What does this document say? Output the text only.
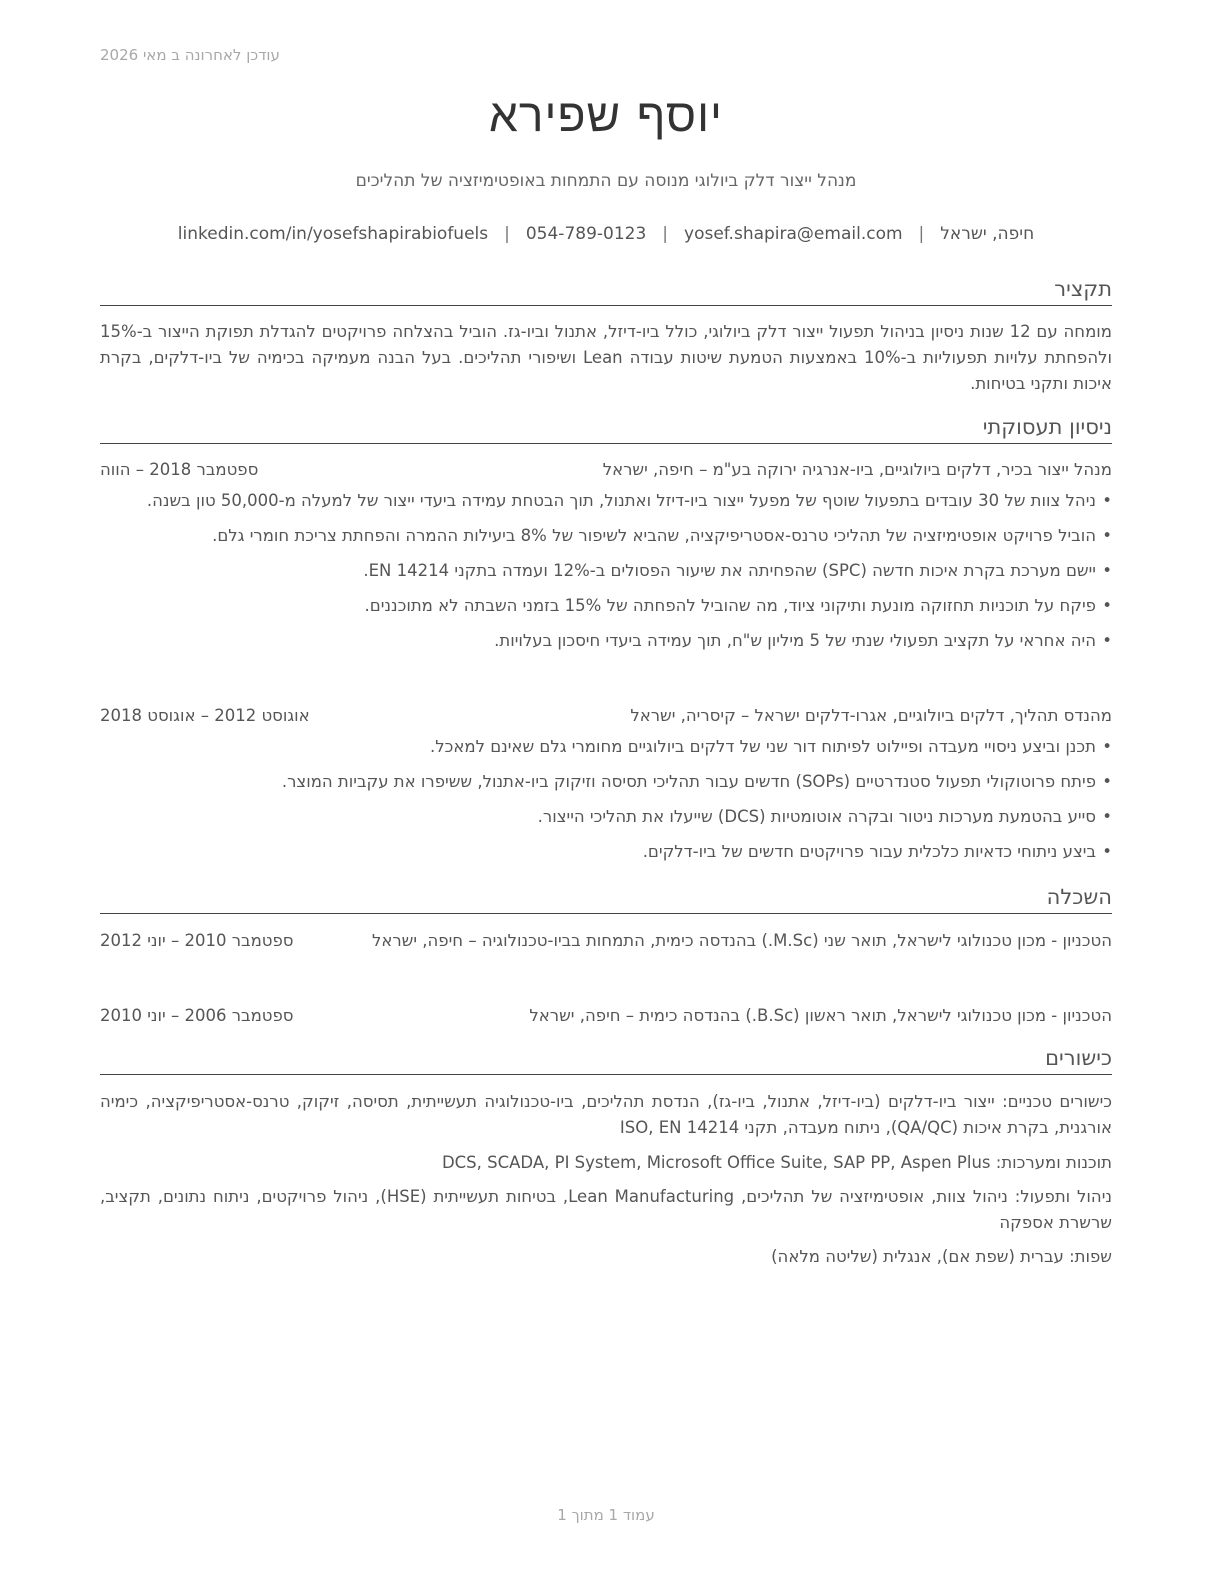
עודכן לאחרונה ב מאי 2026
יוסף שפירא
מנהל ייצור דלק ביולוגי מנוסה עם התמחות באופטימיזציה של תהליכים
חיפה, ישראל|yosef.shapira@email.com|054-789-0123|linkedin.com/in/yosefshapirabiofuels
תקציר
מומחה עם 12 שנות ניסיון בניהול תפעול ייצור דלק ביולוגי, כולל ביו-דיזל, אתנול וביו-גז. הוביל בהצלחה פרויקטים להגדלת תפוקת הייצור ב-15% ולהפחתת עלויות תפעוליות ב-10% באמצעות הטמעת שיטות עבודה Lean ושיפורי תהליכים. בעל הבנה מעמיקה בכימיה של ביו-דלקים, בקרת איכות ותקני בטיחות.
ניסיון תעסוקתי
מנהל ייצור בכיר, דלקים ביולוגיים, ביו-אנרגיה ירוקה בע"מ – חיפה, ישראל
ספטמבר 2018 – הווה
•
ניהל צוות של 30 עובדים בתפעול שוטף של מפעל ייצור ביו-דיזל ואתנול, תוך הבטחת עמידה ביעדי ייצור של למעלה מ-50,000 טון בשנה.
•
הוביל פרויקט אופטימיזציה של תהליכי טרנס-אסטריפיקציה, שהביא לשיפור של 8% ביעילות ההמרה והפחתת צריכת חומרי גלם.
•
יישם מערכת בקרת איכות חדשה (SPC) שהפחיתה את שיעור הפסולים ב-12% ועמדה בתקני EN 14214.
•
פיקח על תוכניות תחזוקה מונעת ותיקוני ציוד, מה שהוביל להפחתה של 15% בזמני השבתה לא מתוכננים.
•
היה אחראי על תקציב תפעולי שנתי של 5 מיליון ש"ח, תוך עמידה ביעדי חיסכון בעלויות.
מהנדס תהליך, דלקים ביולוגיים, אגרו-דלקים ישראל – קיסריה, ישראל
אוגוסט 2012 – אוגוסט 2018
•
תכנן וביצע ניסויי מעבדה ופיילוט לפיתוח דור שני של דלקים ביולוגיים מחומרי גלם שאינם למאכל.
•
פיתח פרוטוקולי תפעול סטנדרטיים (SOPs) חדשים עבור תהליכי תסיסה וזיקוק ביו-אתנול, ששיפרו את עקביות המוצר.
•
סייע בהטמעת מערכות ניטור ובקרה אוטומטיות (DCS) שייעלו את תהליכי הייצור.
•
ביצע ניתוחי כדאיות כלכלית עבור פרויקטים חדשים של ביו-דלקים.
השכלה
הטכניון - מכון טכנולוגי לישראל, תואר שני (M.Sc.) בהנדסה כימית, התמחות בביו-טכנולוגיה – חיפה, ישראל
ספטמבר 2010 – יוני 2012
הטכניון - מכון טכנולוגי לישראל, תואר ראשון (B.Sc.) בהנדסה כימית – חיפה, ישראל
ספטמבר 2006 – יוני 2010
כישורים
כישורים טכניים: ייצור ביו-דלקים (ביו-דיזל, אתנול, ביו-גז), הנדסת תהליכים, ביו-טכנולוגיה תעשייתית, תסיסה, זיקוק, טרנס-אסטריפיקציה, כימיה אורגנית, בקרת איכות (QA/QC), ניתוח מעבדה, תקני ISO, EN 14214
תוכנות ומערכות: DCS, SCADA, PI System, Microsoft Office Suite, SAP PP, Aspen Plus
ניהול ותפעול: ניהול צוות, אופטימיזציה של תהליכים, Lean Manufacturing, בטיחות תעשייתית (HSE), ניהול פרויקטים, ניתוח נתונים, תקציב, שרשרת אספקה
שפות: עברית (שפת אם), אנגלית (שליטה מלאה)
עמוד 1 מתוך 1
